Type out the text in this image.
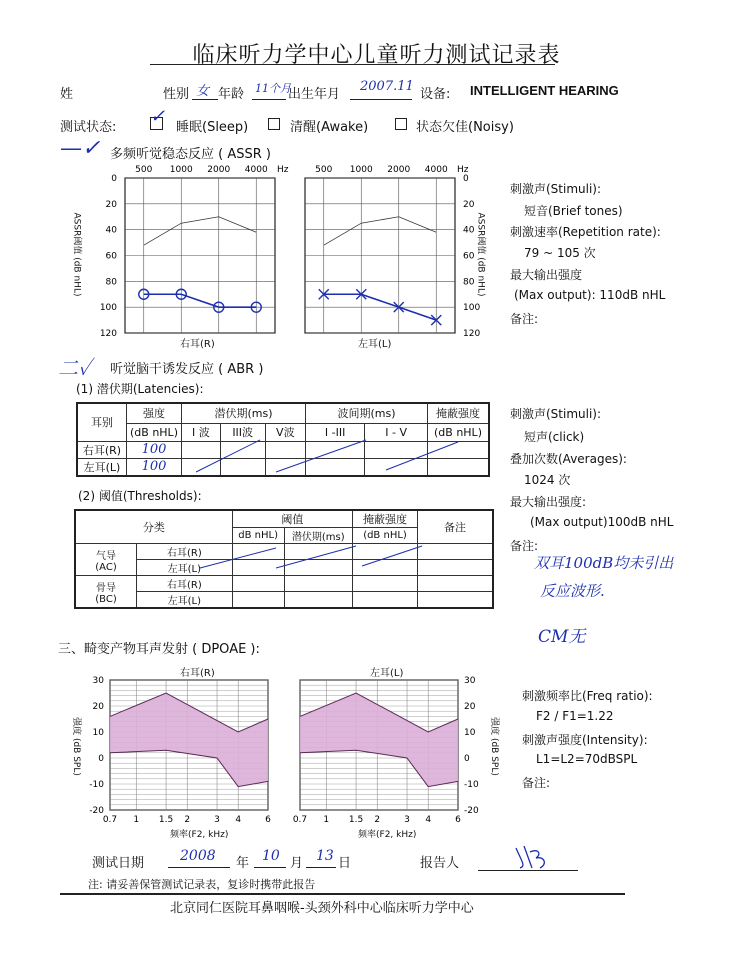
临床听力学中心儿童听力测试记录表
姓	性别 女 年龄 11个月
出生年月
2007.11
设备: INTELLIGENT HEARING
测试状态:
✓
睡眠(Sleep)	清醒(Awake)	状态欠佳(Noisy)
—✓ 多频听觉稳态反应 ( ASSR )
0
20
40
60
80
100
120
500 1000 2000 4000 Hz
0
20
40
60
80
100
120
500 1000 2000 4000 Hz
右耳(R)	左耳(L)
ASSR阈值 (dB nHL)	ASSR阈值 (dB nHL)
刺激声(Stimuli):
短音(Brief tones)
刺激速率(Repetition rate):
79 ~ 105 次
最大输出强度
(Max output): 110dB nHL
备注:
二✓ 听觉脑干诱发反应 ( ABR )
(1) 潜伏期(Latencies):
耳别	强度	潜伏期(ms)			波间期(ms)		掩蔽强度
	(dB nHL)	I 波	III波	V波	I -III	I - V	(dB nHL)
右耳(R)	100						
左耳(L)	100						
(2) 阈值(Thresholds):
分类		阈值		掩蔽强度	备注
		dB nHL)	潜伏期(ms)	(dB nHL)	
气导
(AC)	右耳(R)				
	左耳(L)				
骨导
(BC)	右耳(R)				
	左耳(L)				
刺激声(Stimuli):
短声(click)
叠加次数(Averages):
1024 次
最大输出强度:
(Max output)100dB nHL
备注:
双耳100dB均未引出
反应波形.
CM无
三、畸变产物耳声发射 ( DPOAE ):
右耳(R)	左耳(L)
-20
-10
0
10
20
30
0.7 1 1.5 2	3 4	6
-20
-10
0
10
20
30
0.7 1 1.5 2	3 4	6
强度 (dB SPL)	强度 (dB SPL)
频率(F2, kHz)	频率(F2, kHz)
刺激频率比(Freq ratio):
F2 / F1=1.22
刺激声强度(Intensity):
L1=L2=70dBSPL
备注:
测试日期	2008 年 10 月 13 日	报告人
注: 请妥善保管测试记录表，复诊时携带此报告
北京同仁医院耳鼻咽喉-头颈外科中心临床听力学中心
